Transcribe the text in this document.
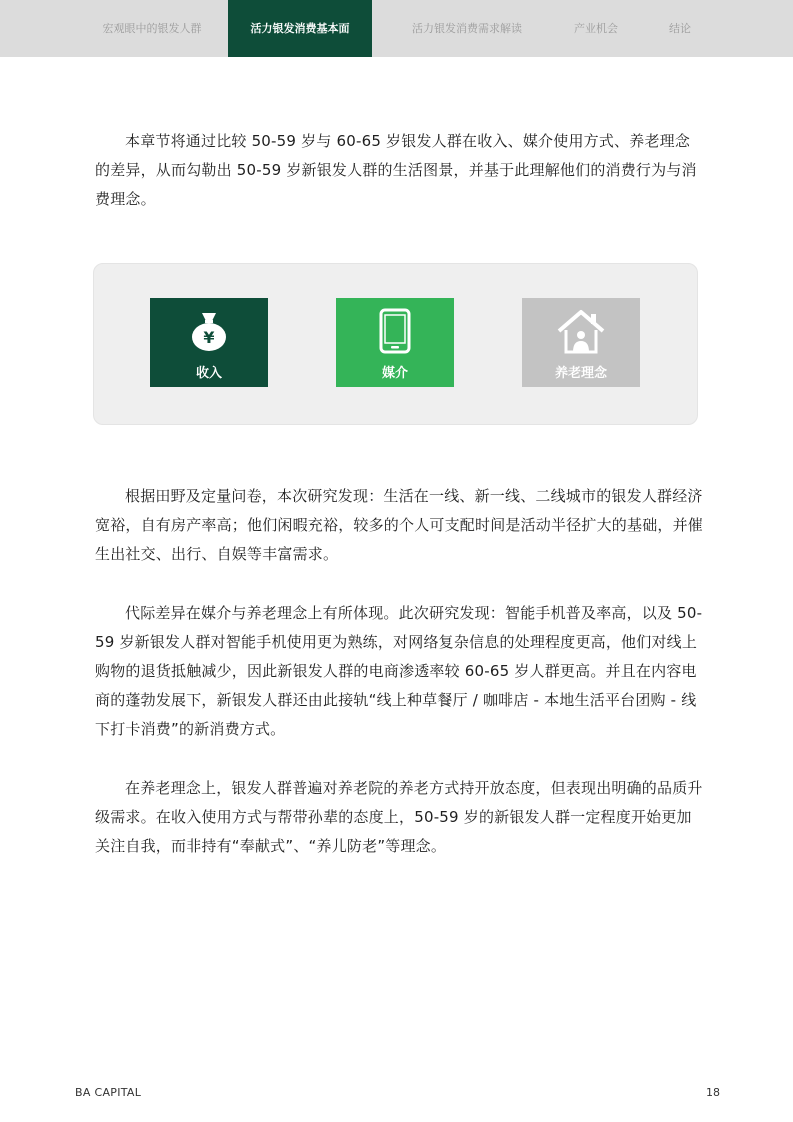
宏观眼中的银发人群	活力银发消费基本面	活力银发消费需求解读	产业机会	结论

本章节将通过比较 50-59 岁与 60-65 岁银发人群在收入、媒介使用方式、养老理念的差异，从而勾勒出 50-59 岁新银发人群的生活图景，并基于此理解他们的消费行为与消费理念。

¥
收入	媒介	养老理念

根据田野及定量问卷，本次研究发现：生活在一线、新一线、二线城市的银发人群经济宽裕，自有房产率高；他们闲暇充裕，较多的个人可支配时间是活动半径扩大的基础，并催生出社交、出行、自娱等丰富需求。

代际差异在媒介与养老理念上有所体现。此次研究发现：智能手机普及率高，以及 50-59 岁新银发人群对智能手机使用更为熟练，对网络复杂信息的处理程度更高，他们对线上购物的退货抵触减少，因此新银发人群的电商渗透率较 60-65 岁人群更高。并且在内容电商的蓬勃发展下，新银发人群还由此接轨“线上种草餐厅 / 咖啡店 - 本地生活平台团购 - 线下打卡消费”的新消费方式。

在养老理念上，银发人群普遍对养老院的养老方式持开放态度，但表现出明确的品质升级需求。在收入使用方式与帮带孙辈的态度上，50-59 岁的新银发人群一定程度开始更加关注自我，而非持有“奉献式”、“养儿防老”等理念。

BA CAPITAL	18
